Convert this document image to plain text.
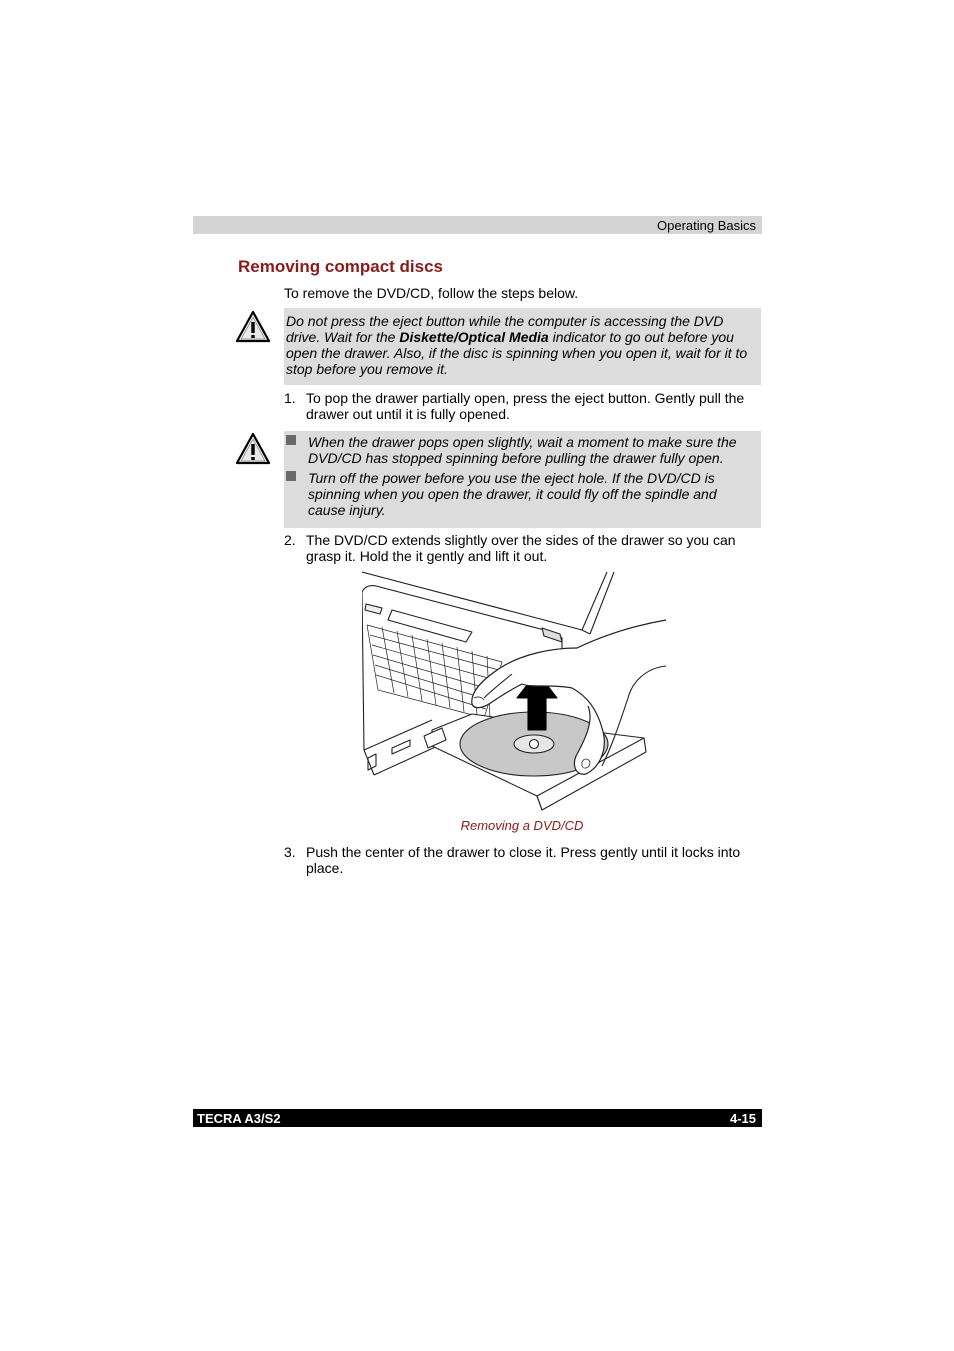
Operating Basics
Removing compact discs

To remove the DVD/CD, follow the steps below.

Do not press the eject button while the computer is accessing the DVD drive. Wait for the Diskette/Optical Media indicator to go out before you open the drawer. Also, if the disc is spinning when you open it, wait for it to stop before you remove it.

1. To pop the drawer partially open, press the eject button. Gently pull the drawer out until it is fully opened.

When the drawer pops open slightly, wait a moment to make sure the DVD/CD has stopped spinning before pulling the drawer fully open.

Turn off the power before you use the eject hole. If the DVD/CD is spinning when you open the drawer, it could fly off the spindle and cause injury.

2. The DVD/CD extends slightly over the sides of the drawer so you can grasp it. Hold the it gently and lift it out.
Removing a DVD/CD
3. Push the center of the drawer to close it. Press gently until it locks into place.
TECRA A3/S2	4-15
